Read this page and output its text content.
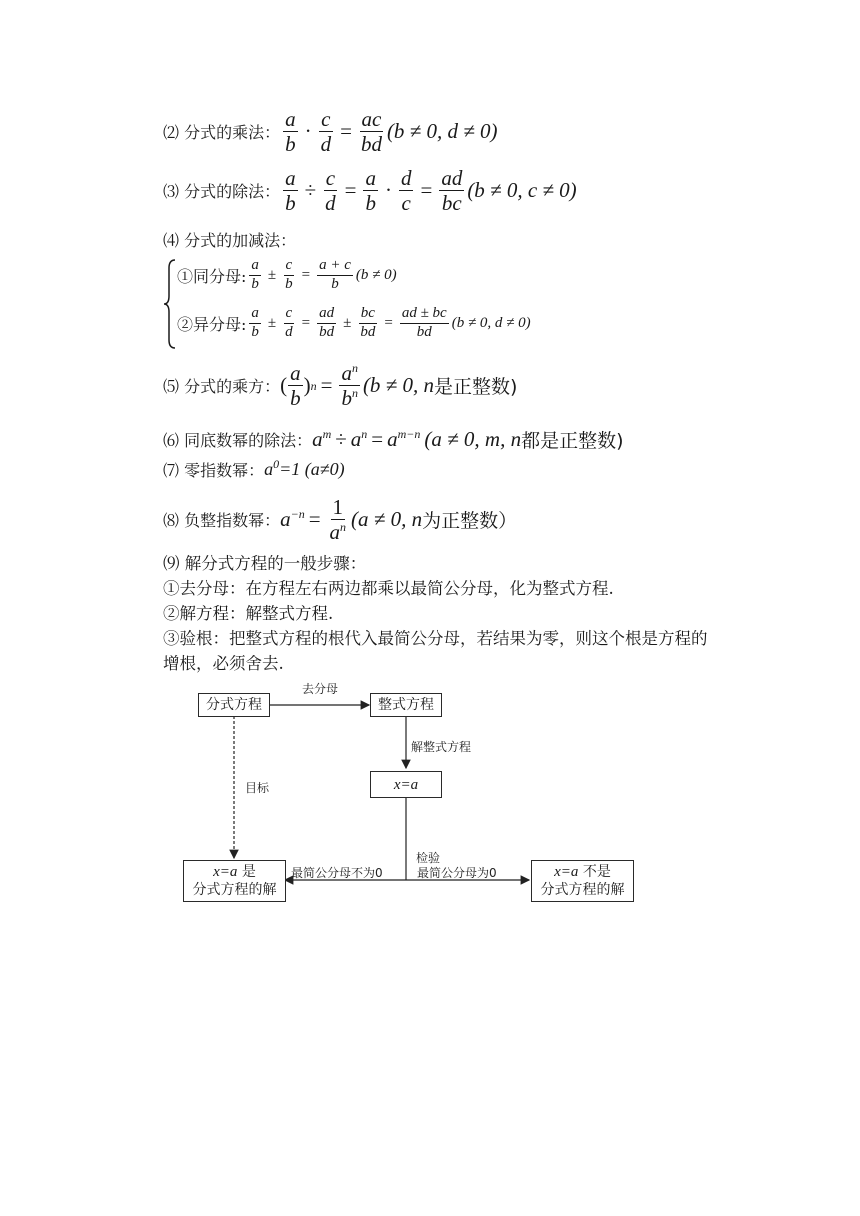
⑵ 分式的乘法： $\frac{a}{b} \cdot \frac{c}{d} = \frac{ac}{bd} (b \ne 0$, d ≠ 0)
⑶ 分式的除法： $\frac{a}{b} \div \frac{c}{d} = \frac{a}{b} \cdot \frac{d}{c} = \frac{ad}{bc} (b \ne 0$, c ≠ 0)
⑷ 分式的加减法：
①同分母: $\frac{a}{b} \pm \frac{c}{b} = \frac{a + c}{b} (b \ne 0)$
②异分母: $\frac{a}{b} \pm \frac{c}{d} = \frac{ad}{bd} \pm \frac{bc}{bd} = \frac{ad \pm bc}{bd} (b \ne 0$, d ≠ 0)
⑸ 分式的乘方： ( $\frac{a}{b}$ ) $n = \frac{a^n}{b^n} (b \ne 0$, n 是正整数)
⑹ 同底数幂的除法： $a^m \div a^n = a^{m-n}$ (a ≠ 0, m, n 都是正整数)
⑺ 零指数幂： $a^0 =1$ (a≠0)
⑻ 负整指数幂： $a^{-n} = \frac{1}{a^n} (a \ne 0$, n 为正整数）
⑼ 解分式方程的一般步骤：
①去分母：在方程左右两边都乘以最简公分母，化为整式方程.
②解方程：解整式方程.
③验根：把整式方程的根代入最简公分母，若结果为零，则这个根是方程的增根，必须舍去.
分式方程	整式方程
x=a
x=a 是
分式方程的解
x=a 不是
分式方程的解
去分母
解整式方程
目标
检验
最简公分母不为0	最简公分母为0
